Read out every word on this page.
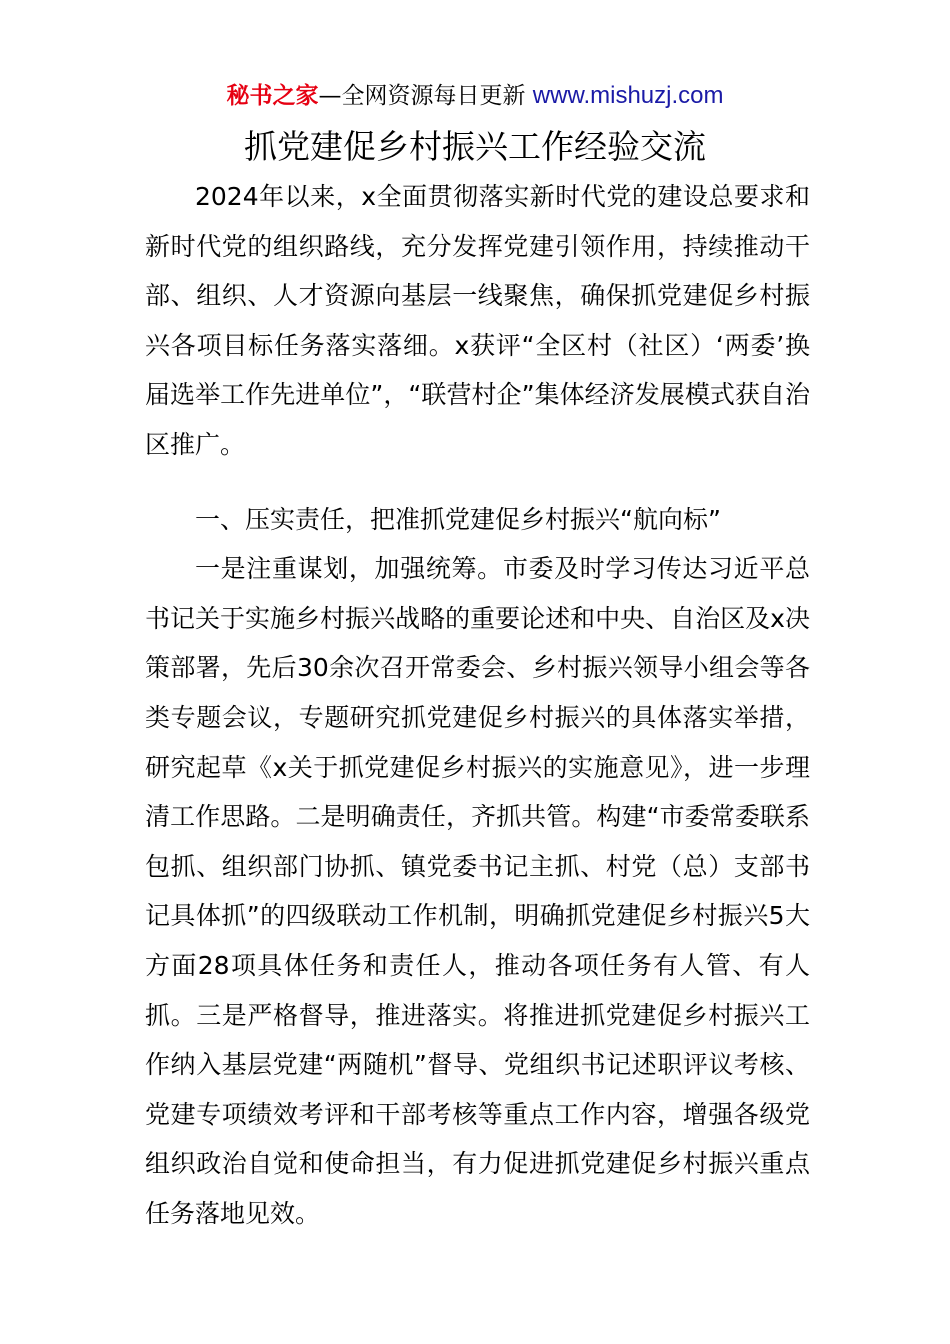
秘书之家—全网资源每日更新 www.mishuzj.com
抓党建促乡村振兴工作经验交流

2024年以来，x全面贯彻落实新时代党的建设总要求和新时代党的组织路线，充分发挥党建引领作用，持续推动干部、组织、人才资源向基层一线聚焦，确保抓党建促乡村振兴各项目标任务落实落细。x获评“全区村（社区）‘两委’换届选举工作先进单位”，“联营村企”集体经济发展模式获自治区推广。

一、压实责任，把准抓党建促乡村振兴“航向标”

一是注重谋划，加强统筹。市委及时学习传达习近平总书记关于实施乡村振兴战略的重要论述和中央、自治区及x决策部署，先后30余次召开常委会、乡村振兴领导小组会等各类专题会议，专题研究抓党建促乡村振兴的具体落实举措，研究起草《x关于抓党建促乡村振兴的实施意见》，进一步理清工作思路。二是明确责任，齐抓共管。构建“市委常委联系包抓、组织部门协抓、镇党委书记主抓、村党（总）支部书记具体抓”的四级联动工作机制，明确抓党建促乡村振兴5大方面28项具体任务和责任人，推动各项任务有人管、有人抓。三是严格督导，推进落实。将推进抓党建促乡村振兴工作纳入基层党建“两随机”督导、党组织书记述职评议考核、党建专项绩效考评和干部考核等重点工作内容，增强各级党组织政治自觉和使命担当，有力促进抓党建促乡村振兴重点任务落地见效。
